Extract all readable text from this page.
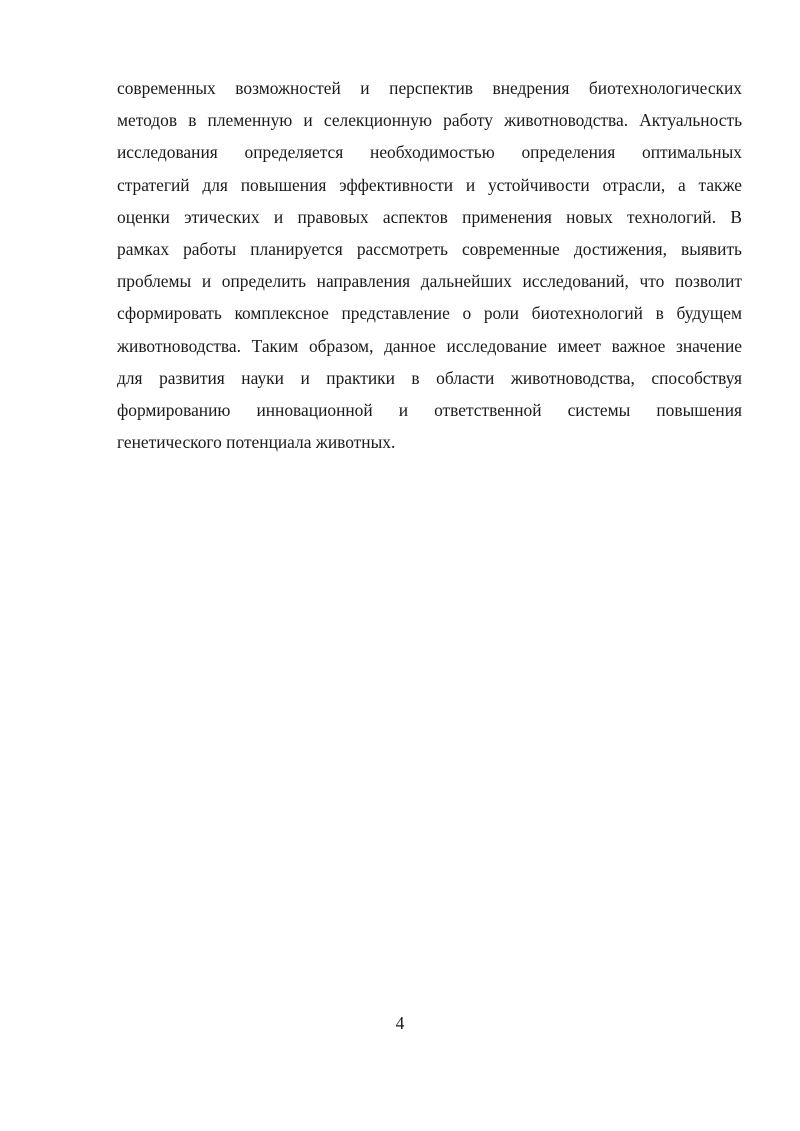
современных возможностей и перспектив внедрения биотехнологических
методов в племенную и селекционную работу животноводства. Актуальность
исследования определяется необходимостью определения оптимальных
стратегий для повышения эффективности и устойчивости отрасли, а также
оценки этических и правовых аспектов применения новых технологий. В
рамках работы планируется рассмотреть современные достижения, выявить
проблемы и определить направления дальнейших исследований, что позволит
сформировать комплексное представление о роли биотехнологий в будущем
животноводства. Таким образом, данное исследование имеет важное значение
для развития науки и практики в области животноводства, способствуя
формированию инновационной и ответственной системы повышения
генетического потенциала животных.

4
